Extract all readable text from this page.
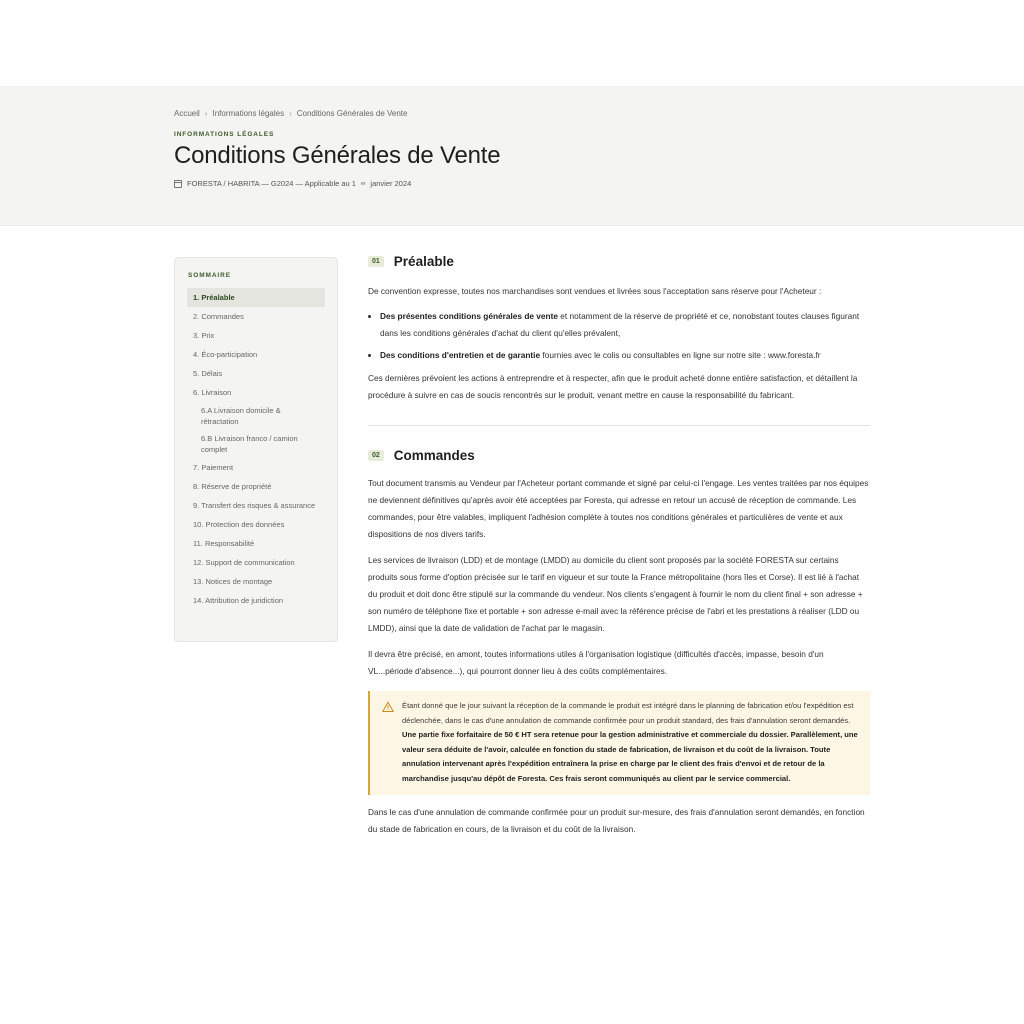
Accueil › Informations légales › Conditions Générales de Vente
INFORMATIONS LÉGALES
Conditions Générales de Vente
FORESTA / HABRITA — G2024 — Applicable au 1 er janvier 2024
SOMMAIRE
1. Préalable
2. Commandes
3. Prix
4. Éco-participation
5. Délais
6. Livraison
6.A Livraison domicile & rétractation
6.B Livraison franco / camion complet
7. Paiement
8. Réserve de propriété
9. Transfert des risques & assurance
10. Protection des données
11. Responsabilité
12. Support de communication
13. Notices de montage
14. Attribution de juridiction
01 Préalable

De convention expresse, toutes nos marchandises sont vendues et livrées sous l'acceptation sans réserve pour l'Acheteur :

• Des présentes conditions générales de vente et notamment de la réserve de propriété et ce, nonobstant toutes clauses figurant dans les conditions générales d'achat du client qu'elles prévalent,
• Des conditions d'entretien et de garantie fournies avec le colis ou consultables en ligne sur notre site : www.foresta.fr

Ces dernières prévoient les actions à entreprendre et à respecter, afin que le produit acheté donne entière satisfaction, et détaillent la procédure à suivre en cas de soucis rencontrés sur le produit, venant mettre en cause la responsabilité du fabricant.

02 Commandes

Tout document transmis au Vendeur par l'Acheteur portant commande et signé par celui-ci l'engage. Les ventes traitées par nos équipes ne deviennent définitives qu'après avoir été acceptées par Foresta, qui adresse en retour un accusé de réception de commande. Les commandes, pour être valables, impliquent l'adhésion complète à toutes nos conditions générales et particulières de vente et aux dispositions de nos divers tarifs.

Les services de livraison (LDD) et de montage (LMDD) au domicile du client sont proposés par la société FORESTA sur certains produits sous forme d'option précisée sur le tarif en vigueur et sur toute la France métropolitaine (hors îles et Corse). Il est lié à l'achat du produit et doit donc être stipulé sur la commande du vendeur. Nos clients s'engagent à fournir le nom du client final + son adresse + son numéro de téléphone fixe et portable + son adresse e-mail avec la référence précise de l'abri et les prestations à réaliser (LDD ou LMDD), ainsi que la date de validation de l'achat par le magasin.

Il devra être précisé, en amont, toutes informations utiles à l'organisation logistique (difficultés d'accès, impasse, besoin d'un VL...période d'absence...), qui pourront donner lieu à des coûts complémentaires.

Étant donné que le jour suivant la réception de la commande le produit est intégré dans le planning de fabrication et/ou l'expédition est déclenchée, dans le cas d'une annulation de commande confirmée pour un produit standard, des frais d'annulation seront demandés. Une partie fixe forfaitaire de 50 € HT sera retenue pour la gestion administrative et commerciale du dossier. Parallèlement, une valeur sera déduite de l'avoir, calculée en fonction du stade de fabrication, de livraison et du coût de la livraison. Toute annulation intervenant après l'expédition entraînera la prise en charge par le client des frais d'envoi et de retour de la marchandise jusqu'au dépôt de Foresta. Ces frais seront communiqués au client par le service commercial.

Dans le cas d'une annulation de commande confirmée pour un produit sur-mesure, des frais d'annulation seront demandés, en fonction du stade de fabrication en cours, de la livraison et du coût de la livraison.
